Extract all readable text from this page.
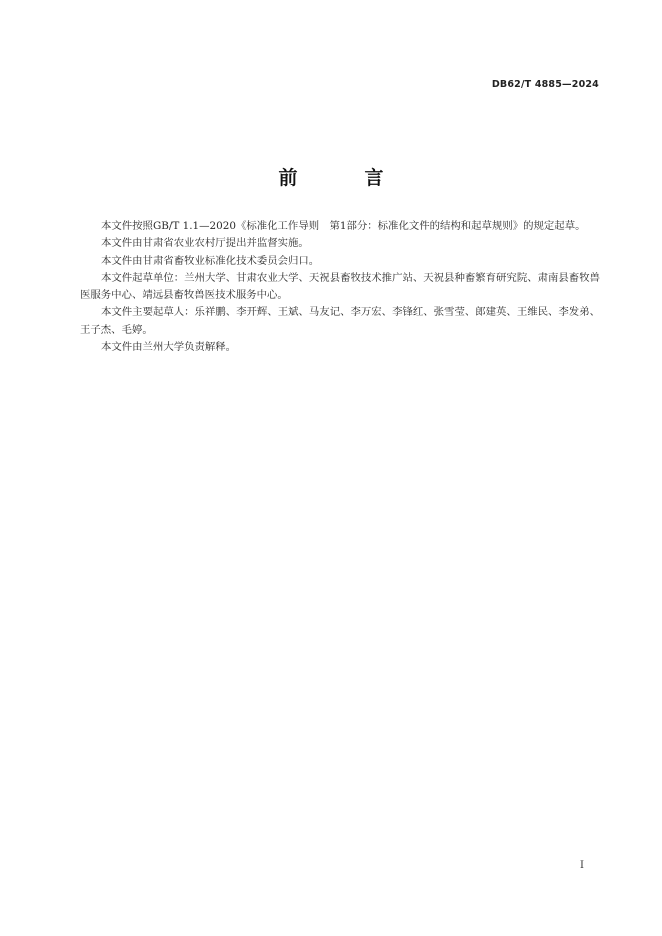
DB62/T 4885—2024
前　言

本文件按照GB/T 1.1—2020《标准化工作导则　第1部分：标准化文件的结构和起草规则》的规定起草。

本文件由甘肃省农业农村厅提出并监督实施。

本文件由甘肃省畜牧业标准化技术委员会归口。

本文件起草单位：兰州大学、甘肃农业大学、天祝县畜牧技术推广站、天祝县种畜繁育研究院、肃南县畜牧兽医服务中心、靖远县畜牧兽医技术服务中心。

本文件主要起草人：乐祥鹏、李开辉、王斌、马友记、李万宏、李锋红、张雪莹、郎建英、王维民、李发弟、王子杰、毛婷。

本文件由兰州大学负责解释。

I
